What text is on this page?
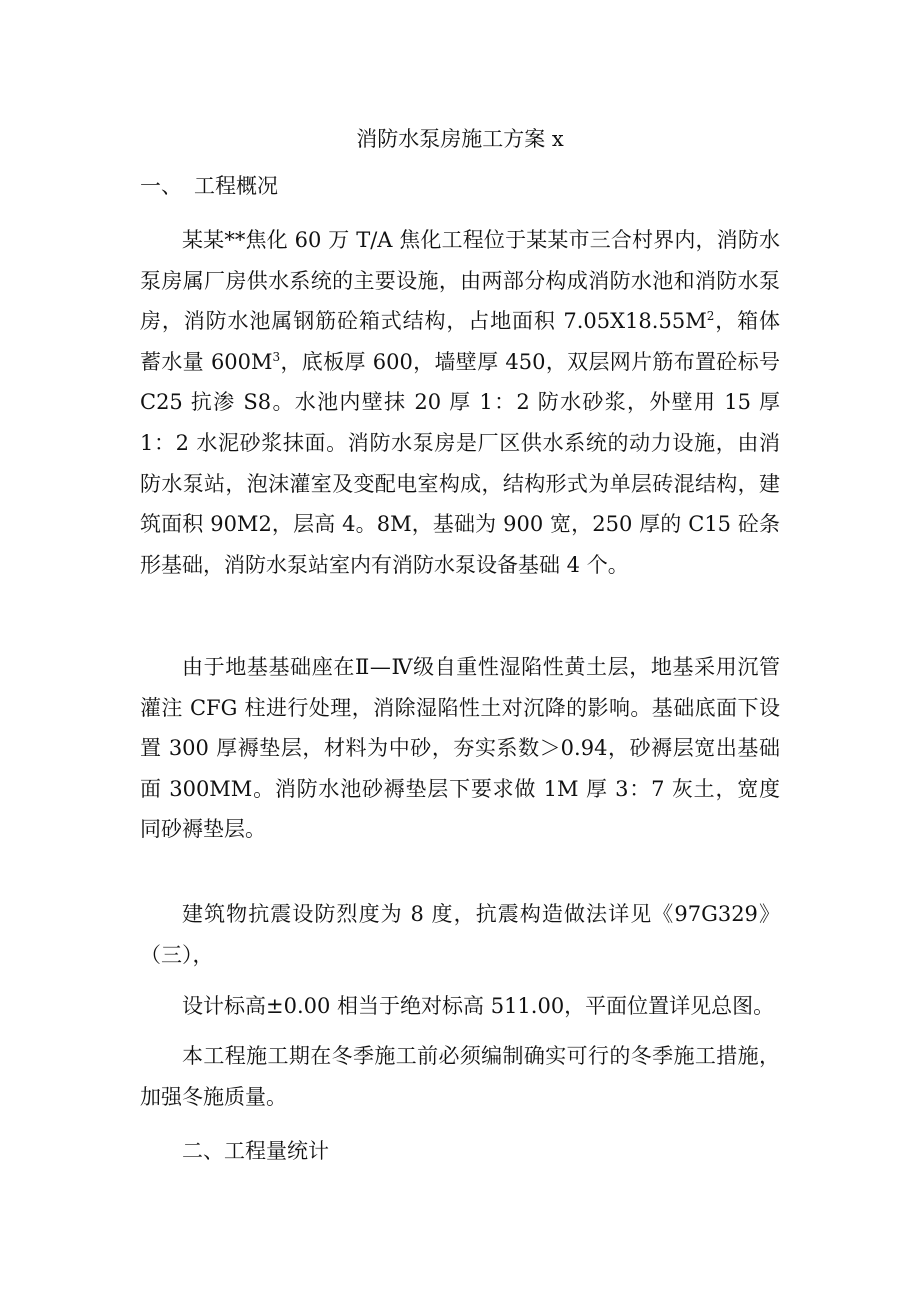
消防水泵房施工方案 x
一、 工程概况
某某**焦化 60 万 T/A 焦化工程位于某某市三合村界内，消防水泵房属厂房供水系统的主要设施，由两部分构成消防水池和消防水泵房，消防水池属钢筋砼箱式结构，占地面积 $7.05X18.55M^2$，箱体蓄水量 $600M^3$，底板厚 600，墙壁厚 450，双层网片筋布置砼标号 C25 抗渗 S8。水池内壁抹 20 厚 1：2 防水砂浆，外壁用 15 厚 1：2 水泥砂浆抹面。消防水泵房是厂区供水系统的动力设施，由消防水泵站，泡沫灌室及变配电室构成，结构形式为单层砖混结构，建筑面积 90M2，层高 4。8M，基础为 900 宽，250 厚的 C15 砼条形基础，消防水泵站室内有消防水泵设备基础 4 个。
由于地基基础座在Ⅱ—Ⅳ级自重性湿陷性黄土层，地基采用沉管灌注 CFG 柱进行处理，消除湿陷性土对沉降的影响。基础底面下设置 300 厚褥垫层，材料为中砂，夯实系数＞0.94，砂褥层宽出基础面 300MM。消防水池砂褥垫层下要求做 1M 厚 3：7 灰土，宽度同砂褥垫层。
建筑物抗震设防烈度为 8 度，抗震构造做法详见《97G329》（三），
设计标高±0.00 相当于绝对标高 511.00，平面位置详见总图。
本工程施工期在冬季施工前必须编制确实可行的冬季施工措施，加强冬施质量。
二、工程量统计
